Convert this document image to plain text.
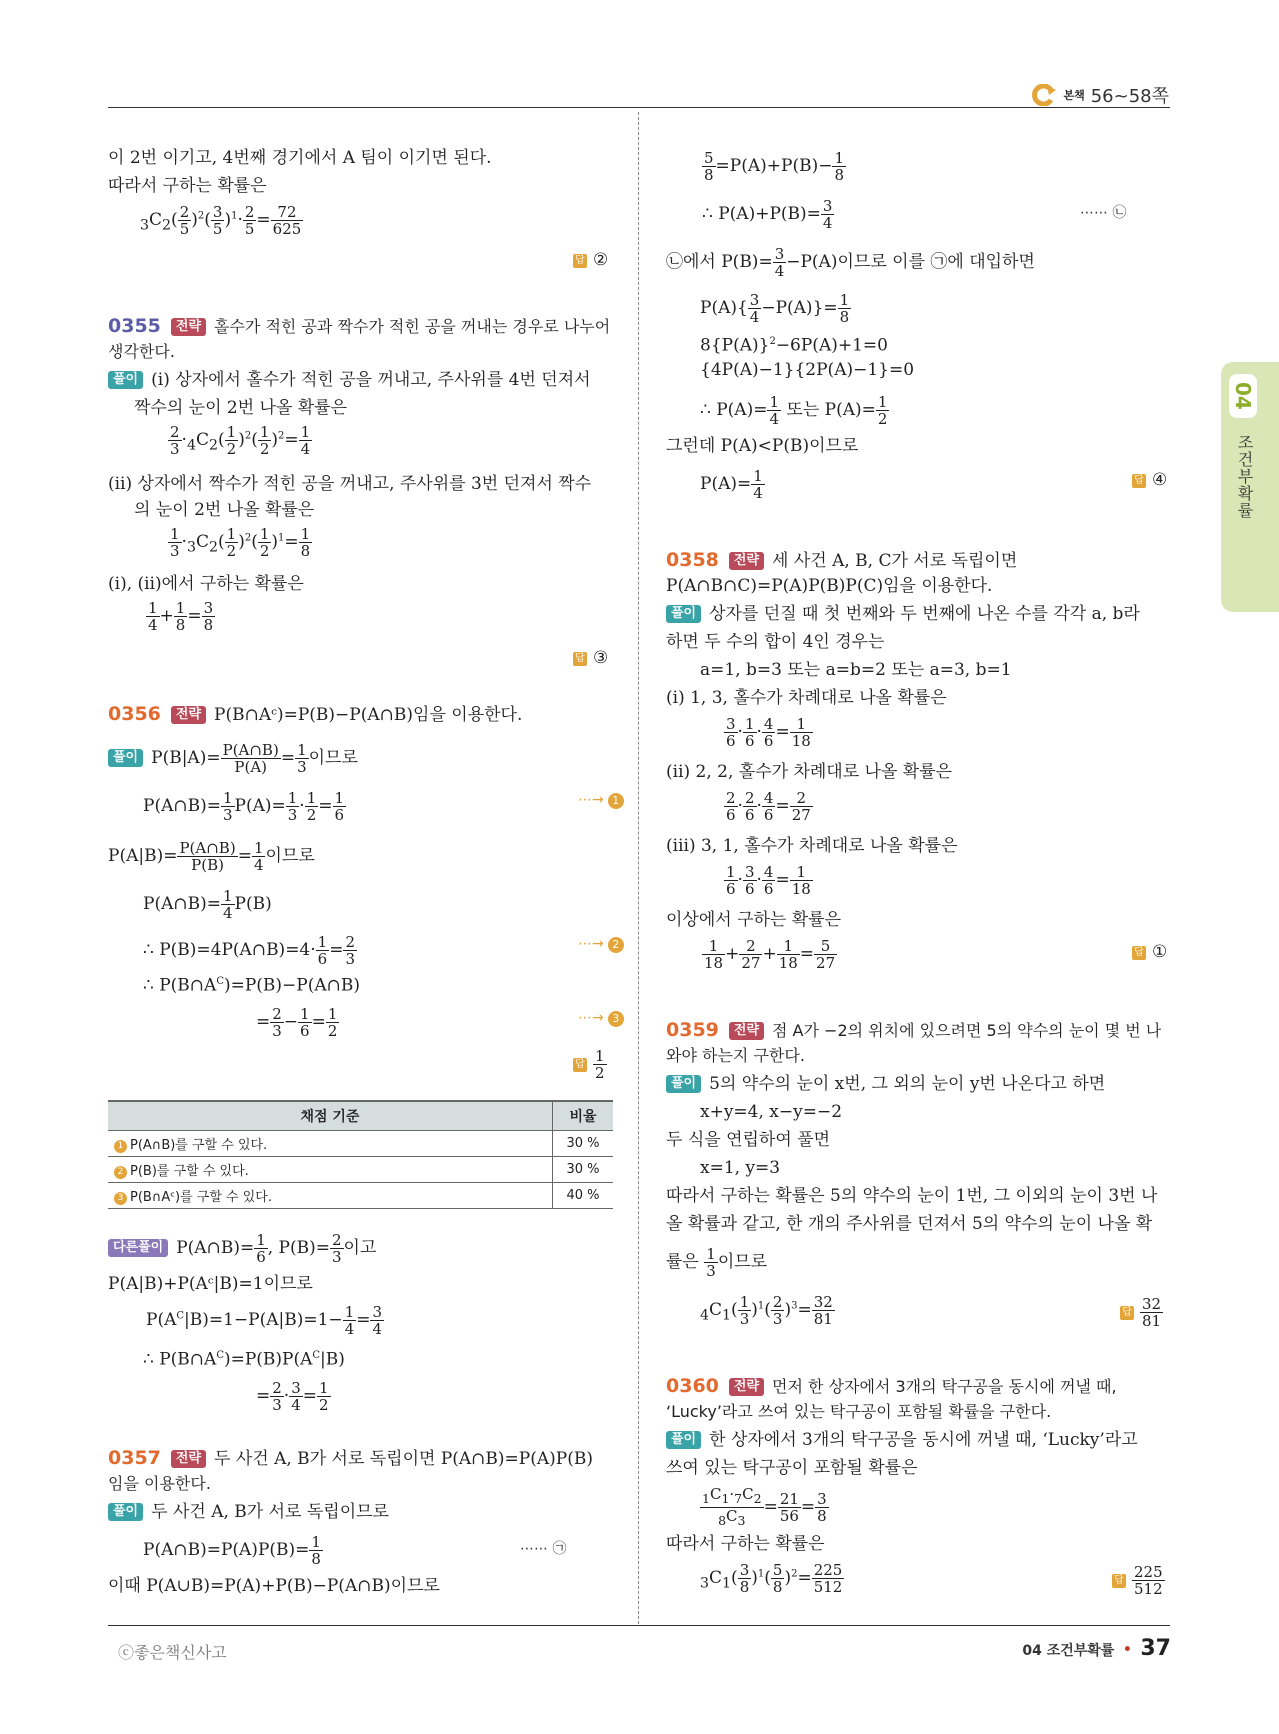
본책 56~58쪽
04
조건부확률
이 2번 이기고, 4번째 경기에서 A 팀이 이기면 된다.
따라서 구하는 확률은
$_3C_2( \frac{2}{5} )^2( \frac{3}{5} )^1\cdot \frac{2}{5} = \frac{72}{625}$
답 ②
0355 전략 홀수가 적힌 공과 짝수가 적힌 공을 꺼내는 경우로 나누어
생각한다.
풀이 (ⅰ) 상자에서 홀수가 적힌 공을 꺼내고, 주사위를 4번 던져서
짝수의 눈이 2번 나올 확률은
$\frac{2}{3} \cdot_4C_2( \frac{1}{2} )^2( \frac{1}{2} )^2= \frac{1}{4}$
(ⅱ) 상자에서 짝수가 적힌 공을 꺼내고, 주사위를 3번 던져서 짝수
의 눈이 2번 나올 확률은
$\frac{1}{3} \cdot_3C_2( \frac{1}{2} )^2( \frac{1}{2} )^1= \frac{1}{8}$
(ⅰ), (ⅱ)에서 구하는 확률은
$\frac{1}{4} + \frac{1}{8} = \frac{3}{8}$
답 ③
0356 전략 P(B∩Aᶜ)=P(B)−P(A∩B)임을 이용한다.
풀이 $P(B|A)= \frac{P(A\cap B)}{P(A)} = \frac{1}{3}$ 이므로
P(A∩B)= $\frac{1}{3} P(A)= \frac{1}{3} \cdot \frac{1}{2} = \frac{1}{6}$	⋯→ 1
$P(A|B)= \frac{P(A\cap B)}{P(B)} = \frac{1}{4}$ 이므로
P(A∩B)= $\frac{1}{4} P(B)$
∴ P(B)=4P(A∩B)=4· $\frac{1}{6} = \frac{2}{3}$	⋯→ 2
∴ $P(B\cap A^C)=P(B)-P(A\cap B)$
= $\frac{2}{3} - \frac{1}{6} = \frac{1}{2}$	⋯→ 3
답 $\frac{1}{2}$
채점 기준	비율
1 P(A∩B)를 구할 수 있다.	30 %
2 P(B)를 구할 수 있다.	30 %
3 P(B∩Aᶜ)를 구할 수 있다.	40 %
다른풀이 P(A∩B)= $\frac{1}{6}$ , $P(B)= \frac{2}{3}$ 이고
P(A|B)+P(Aᶜ|B)=1이므로
$P(A^C|B)=1-P(A|B)=1- \frac{1}{4} = \frac{3}{4}$
∴ $P(B\cap A^C)=P(B)P(A^C|B)$
= $\frac{2}{3} \cdot \frac{3}{4} = \frac{1}{2}$
0357 전략 두 사건 A, B가 서로 독립이면 P(A∩B)=P(A)P(B)
임을 이용한다.
풀이 두 사건 A, B가 서로 독립이므로
P(A∩B)=P(A)P(B)= $\frac{1}{8}$	⋯⋯ ㉠
이때 P(A∪B)=P(A)+P(B)−P(A∩B)이므로
$\frac{5}{8} =P(A)+P(B)- \frac{1}{8}$
∴ $P(A)+P(B)= \frac{3}{4}$	⋯⋯ ㉡
㉡에서 $P(B)= \frac{3}{4} -P(A)$이므로 이를 ㉠에 대입하면
$P(A)\{ \frac{3}{4} -P(A)\}= \frac{1}{8}$
$8\{P(A)\}^2-6P(A)+1=0$
{4P(A)−1}{2P(A)−1}=0
∴ $P(A)= \frac{1}{4}$ 또는 $P(A)= \frac{1}{2}$
그런데 P(A)<P(B)이므로
$P(A)= \frac{1}{4}$	답 ④
0358 전략 세 사건 A, B, C가 서로 독립이면
P(A∩B∩C)=P(A)P(B)P(C)임을 이용한다.
풀이 상자를 던질 때 첫 번째와 두 번째에 나온 수를 각각 a, b라
하면 두 수의 합이 4인 경우는
a=1, b=3 또는 a=b=2 또는 a=3, b=1
(ⅰ) 1, 3, 홀수가 차례대로 나올 확률은
$\frac{3}{6} \cdot \frac{1}{6} \cdot \frac{4}{6} = \frac{1}{18}$
(ⅱ) 2, 2, 홀수가 차례대로 나올 확률은
$\frac{2}{6} \cdot \frac{2}{6} \cdot \frac{4}{6} = \frac{2}{27}$
(ⅲ) 3, 1, 홀수가 차례대로 나올 확률은
$\frac{1}{6} \cdot \frac{3}{6} \cdot \frac{4}{6} = \frac{1}{18}$
이상에서 구하는 확률은
$\frac{1}{18} + \frac{2}{27} + \frac{1}{18} = \frac{5}{27}$	답 ①
0359 전략 점 A가 −2의 위치에 있으려면 5의 약수의 눈이 몇 번 나
와야 하는지 구한다.
풀이 5의 약수의 눈이 x번, 그 외의 눈이 y번 나온다고 하면
x+y=4, x−y=−2
두 식을 연립하여 풀면
x=1, y=3
따라서 구하는 확률은 5의 약수의 눈이 1번, 그 이외의 눈이 3번 나
올 확률과 같고, 한 개의 주사위를 던져서 5의 약수의 눈이 나올 확
률은 $\frac{1}{3}$ 이므로
$_4C_1( \frac{1}{3} )^1( \frac{2}{3} )^3= \frac{32}{81}$	답 $\frac{32}{81}$
0360 전략 먼저 한 상자에서 3개의 탁구공을 동시에 꺼낼 때,
‘Lucky’라고 쓰여 있는 탁구공이 포함될 확률을 구한다.
풀이 한 상자에서 3개의 탁구공을 동시에 꺼낼 때, ‘Lucky’라고
쓰여 있는 탁구공이 포함될 확률은
$\frac{_1C_1\cdot_7C_2}{_8C_3} = \frac{21}{56} = \frac{3}{8}$
따라서 구하는 확률은
$_3C_1( \frac{3}{8} )^1( \frac{5}{8} )^2= \frac{225}{512}$	답 $\frac{225}{512}$
ⓒ좋은책신사고	04 조건부확률 • 37
